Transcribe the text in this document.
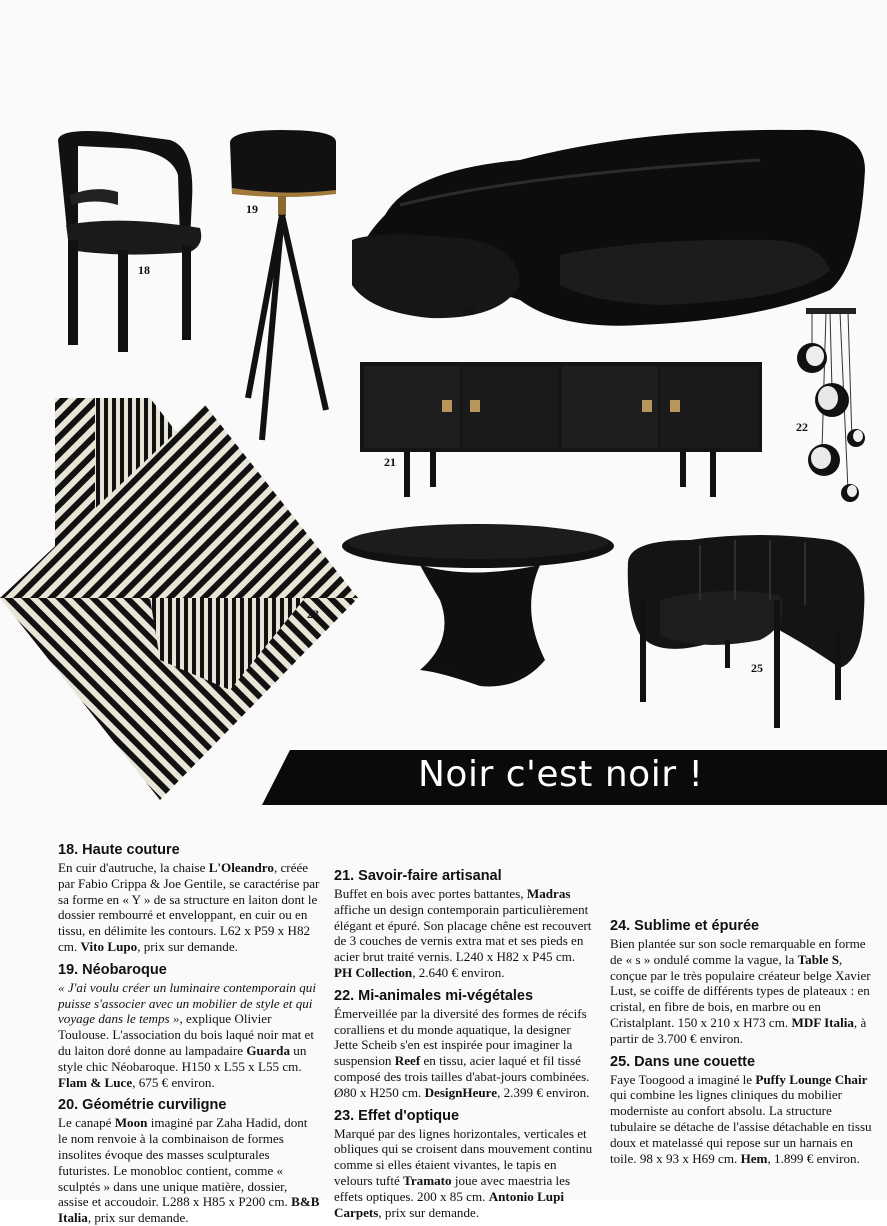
18
19
20
21
22
23
24	25
Noir c'est noir !
18. Haute couture

En cuir d'autruche, la chaise L'Oleandro, créée par Fabio Crippa & Joe Gentile, se caractérise par sa forme en « Y » de sa structure en laiton dont le dossier rembourré et enveloppant, en cuir ou en tissu, en délimite les contours. L62 x P59 x H82 cm. Vito Lupo, prix sur demande.

19. Néobaroque

« J'ai voulu créer un luminaire contemporain qui puisse s'associer avec un mobilier de style et qui voyage dans le temps », explique Olivier Toulouse. L'association du bois laqué noir mat et du laiton doré donne au lampadaire Guarda un style chic Néobaroque. H150 x L55 x L55 cm. Flam & Luce, 675 € environ.

20. Géométrie curviligne

Le canapé Moon imaginé par Zaha Hadid, dont le nom renvoie à la combinaison de formes insolites évoque des masses sculpturales futuristes. Le monobloc contient, comme « sculptés » dans une unique matière, dossier, assise et accoudoir. L288 x H85 x P200 cm. B&B Italia, prix sur demande.

21. Savoir-faire artisanal

Buffet en bois avec portes battantes, Madras affiche un design contemporain particulièrement élégant et épuré. Son placage chêne est recouvert de 3 couches de vernis extra mat et ses pieds en acier brut traité vernis. L240 x H82 x P45 cm. PH Collection, 2.640 € environ.

22. Mi-animales mi-végétales

Émerveillée par la diversité des formes de récifs coralliens et du monde aquatique, la designer Jette Scheib s'en est inspirée pour imaginer la suspension Reef en tissu, acier laqué et fil tissé composé des trois tailles d'abat-jours combinées. Ø80 x H250 cm. DesignHeure, 2.399 € environ.

23. Effet d'optique

Marqué par des lignes horizontales, verticales et obliques qui se croisent dans mouvement continu comme si elles étaient vivantes, le tapis en velours tufté Tramato joue avec maestria les effets optiques. 200 x 85 cm. Antonio Lupi Carpets, prix sur demande.

24. Sublime et épurée

Bien plantée sur son socle remarquable en forme de « s » ondulé comme la vague, la Table S, conçue par le très populaire créateur belge Xavier Lust, se coiffe de différents types de plateaux : en cristal, en fibre de bois, en marbre ou en Cristalplant. 150 x 210 x H73 cm. MDF Italia, à partir de 3.700 € environ.

25. Dans une couette

Faye Toogood a imaginé le Puffy Lounge Chair qui combine les lignes cliniques du mobilier moderniste au confort absolu. La structure tubulaire se détache de l'assise détachable en tissu doux et matelassé qui repose sur un harnais en toile. 98 x 93 x H69 cm. Hem, 1.899 € environ.
